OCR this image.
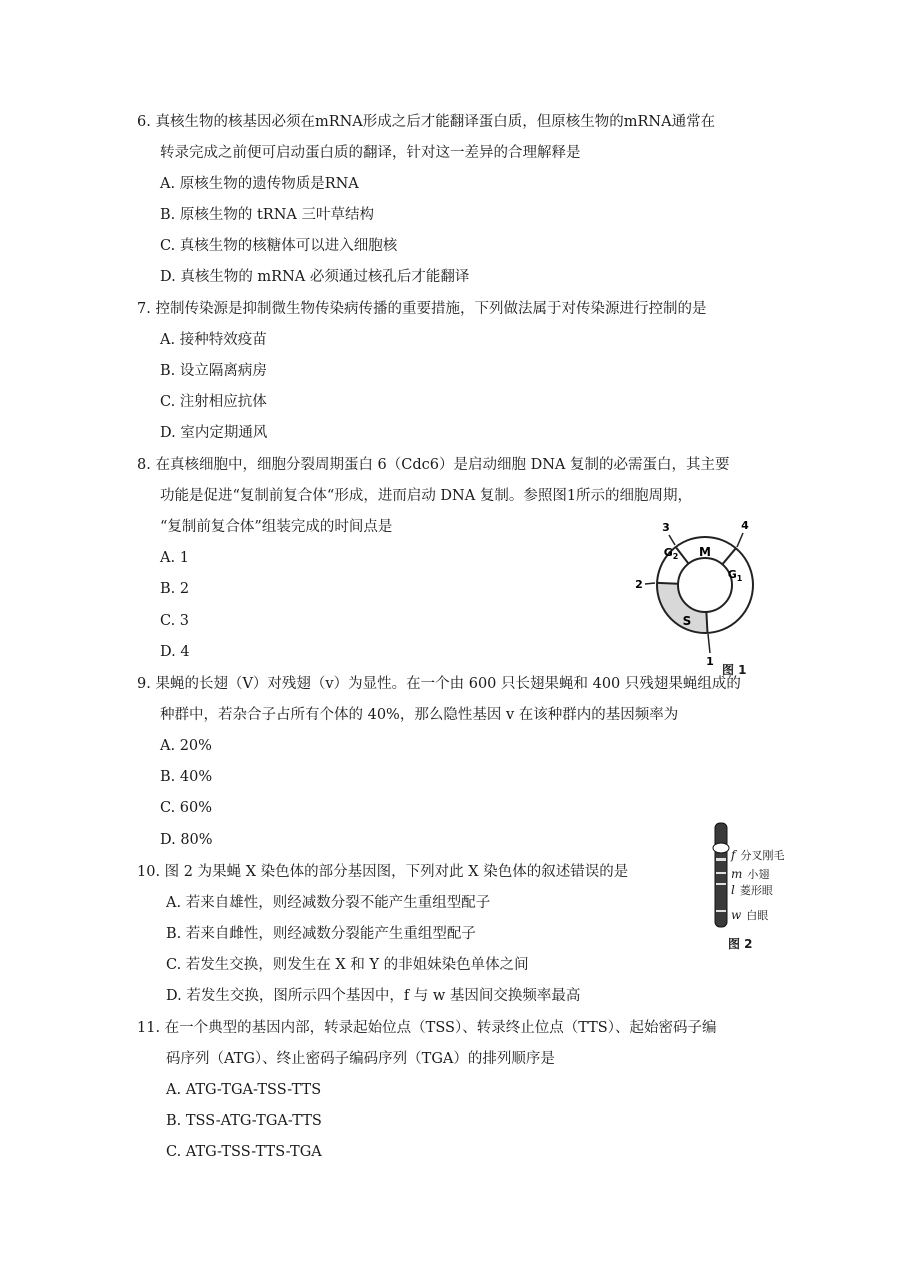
6. 真核生物的核基因必须在mRNA形成之后才能翻译蛋白质，但原核生物的mRNA通常在
转录完成之前便可启动蛋白质的翻译，针对这一差异的合理解释是
A. 原核生物的遗传物质是RNA
B. 原核生物的 tRNA 三叶草结构
C. 真核生物的核糖体可以进入细胞核
D. 真核生物的 mRNA 必须通过核孔后才能翻译
7. 控制传染源是抑制微生物传染病传播的重要措施，下列做法属于对传染源进行控制的是
A. 接种特效疫苗
B. 设立隔离病房
C. 注射相应抗体
D. 室内定期通风
8. 在真核细胞中，细胞分裂周期蛋白 6（Cdc6）是启动细胞 DNA 复制的必需蛋白，其主要
功能是促进“复制前复合体“形成，进而启动 DNA 复制。参照图1所示的细胞周期，
“复制前复合体”组装完成的时间点是
A. 1
B. 2
C. 3
D. 4
M
$G_1$
S
$G_2$
1
2
3	4
图 1
9. 果蝇的长翅（V）对残翅（v）为显性。在一个由 600 只长翅果蝇和 400 只残翅果蝇组成的
种群中，若杂合子占所有个体的 40%，那么隐性基因 v 在该种群内的基因频率为
A. 20%
B. 40%
C. 60%
D. 80%
f 分叉刚毛
m 小翅
l 菱形眼
w 白眼
图 2
10. 图 2 为果蝇 X 染色体的部分基因图，下列对此 X 染色体的叙述错误的是
A. 若来自雄性，则经减数分裂不能产生重组型配子
B. 若来自雌性，则经减数分裂能产生重组型配子
C. 若发生交换，则发生在 X 和 Y 的非姐妹染色单体之间
D. 若发生交换，图所示四个基因中，f 与 w 基因间交换频率最高
11. 在一个典型的基因内部，转录起始位点（TSS）、转录终止位点（TTS）、起始密码子编
码序列（ATG）、终止密码子编码序列（TGA）的排列顺序是
A. ATG-TGA-TSS-TTS
B. TSS-ATG-TGA-TTS
C. ATG-TSS-TTS-TGA
